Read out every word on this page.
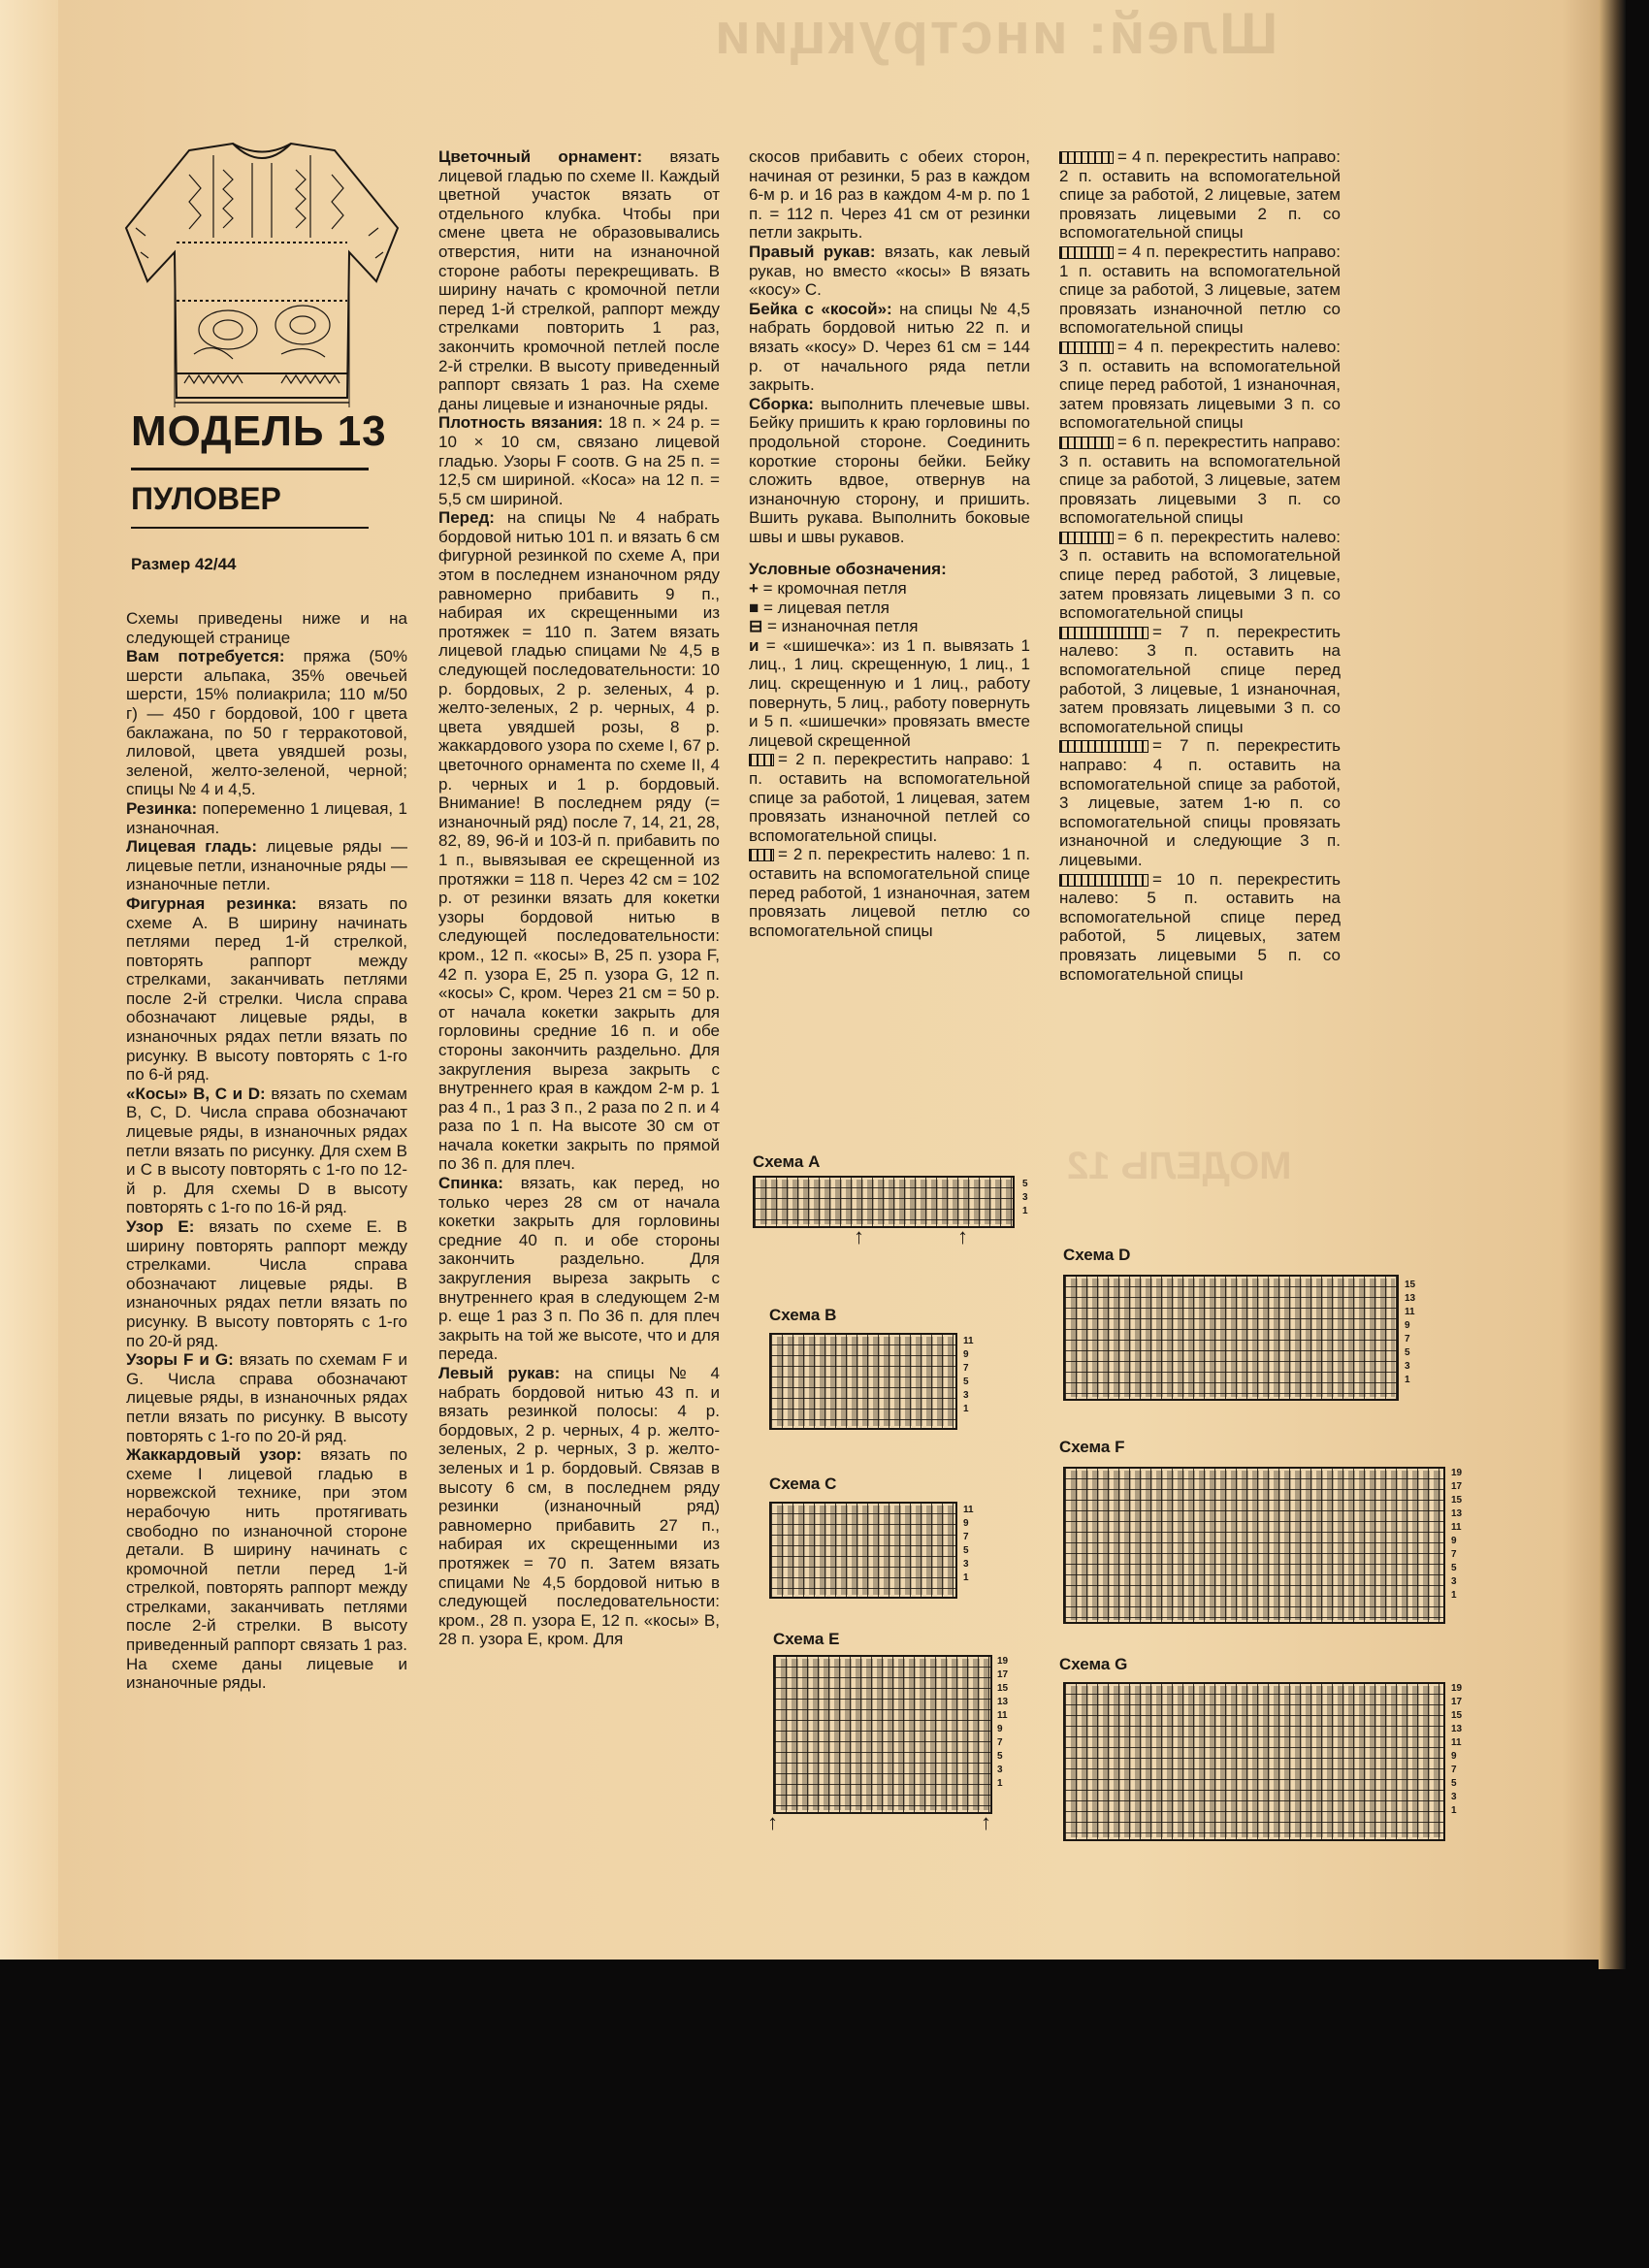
Шлей: инструкции
МОДЕЛЬ 12
МОДЕЛЬ 13
ПУЛОВЕР
Размер 42/44

Схемы приведены ниже и на следующей странице

Вам потребуется: пряжа (50% шерсти альпака, 35% овечьей шерсти, 15% полиакрила; 110 м/50 г) — 450 г бордовой, 100 г цвета баклажана, по 50 г терракотовой, лиловой, цвета увядшей розы, зеленой, желто-зеленой, черной; спицы № 4 и 4,5.

Резинка: попеременно 1 лицевая, 1 изнаночная.

Лицевая гладь: лицевые ряды — лицевые петли, изнаночные ряды — изнаночные петли.

Фигурная резинка: вязать по схеме А. В ширину начинать петлями перед 1-й стрелкой, повторять раппорт между стрелками, заканчивать петлями после 2-й стрелки. Числа справа обозначают лицевые ряды, в изнаночных рядах петли вязать по рисунку. В высоту повторять с 1-го по 6-й ряд.

«Косы» В, С и D: вязать по схемам В, С, D. Числа справа обозначают лицевые ряды, в изнаночных рядах петли вязать по рисунку. Для схем В и С в высоту повторять с 1-го по 12-й р. Для схемы D в высоту повторять с 1-го по 16-й ряд.

Узор Е: вязать по схеме Е. В ширину повторять раппорт между стрелками. Числа справа обозначают лицевые ряды. В изнаночных рядах петли вязать по рисунку. В высоту повторять с 1-го по 20-й ряд.

Узоры F и G: вязать по схемам F и G. Числа справа обозначают лицевые ряды, в изнаночных рядах петли вязать по рисунку. В высоту повторять с 1-го по 20-й ряд.

Жаккардовый узор: вязать по схеме I лицевой гладью в норвежской технике, при этом нерабочую нить протягивать свободно по изнаночной стороне детали. В ширину начинать с кромочной петли перед 1-й стрелкой, повторять раппорт между стрелками, заканчивать петлями после 2-й стрелки. В высоту приведенный раппорт связать 1 раз. На схеме даны лицевые и изнаночные ряды.

Цветочный орнамент: вязать лицевой гладью по схеме II. Каждый цветной участок вязать от отдельного клубка. Чтобы при смене цвета не образовывались отверстия, нити на изнаночной стороне работы перекрещивать. В ширину начать с кромочной петли перед 1-й стрелкой, раппорт между стрелками повторить 1 раз, закончить кромочной петлей после 2-й стрелки. В высоту приведенный раппорт связать 1 раз. На схеме даны лицевые и изнаночные ряды.

Плотность вязания: 18 п. × 24 р. = 10 × 10 см, связано лицевой гладью. Узоры F соотв. G на 25 п. = 12,5 см шириной. «Коса» на 12 п. = 5,5 см шириной.

Перед: на спицы № 4 набрать бордовой нитью 101 п. и вязать 6 см фигурной резинкой по схеме А, при этом в последнем изнаночном ряду равномерно прибавить 9 п., набирая их скрещенными из протяжек = 110 п. Затем вязать лицевой гладью спицами № 4,5 в следующей последовательности: 10 р. бордовых, 2 р. зеленых, 4 р. желто-зеленых, 2 р. черных, 4 р. цвета увядшей розы, 8 р. жаккардового узора по схеме I, 67 р. цветочного орнамента по схеме II, 4 р. черных и 1 р. бордовый. Внимание! В последнем ряду (= изнаночный ряд) после 7, 14, 21, 28, 82, 89, 96-й и 103-й п. прибавить по 1 п., вывязывая ее скрещенной из протяжки = 118 п. Через 42 см = 102 р. от резинки вязать для кокетки узоры бордовой нитью в следующей последовательности: кром., 12 п. «косы» В, 25 п. узора F, 42 п. узора Е, 25 п. узора G, 12 п. «косы» С, кром. Через 21 см = 50 р. от начала кокетки закрыть для горловины средние 16 п. и обе стороны закончить раздельно. Для закругления выреза закрыть с внутреннего края в каждом 2-м р. 1 раз 4 п., 1 раз 3 п., 2 раза по 2 п. и 4 раза по 1 п. На высоте 30 см от начала кокетки закрыть по прямой по 36 п. для плеч.

Спинка: вязать, как перед, но только через 28 см от начала кокетки закрыть для горловины средние 40 п. и обе стороны закончить раздельно. Для закругления выреза закрыть с внутреннего края в следующем 2-м р. еще 1 раз 3 п. По 36 п. для плеч закрыть на той же высоте, что и для переда.

Левый рукав: на спицы № 4 набрать бордовой нитью 43 п. и вязать резинкой полосы: 4 р. бордовых, 2 р. черных, 4 р. желто-зеленых, 2 р. черных, 3 р. желто-зеленых и 1 р. бордовый. Связав в высоту 6 см, в последнем ряду резинки (изнаночный ряд) равномерно прибавить 27 п., набирая их скрещенными из протяжек = 70 п. Затем вязать спицами № 4,5 бордовой нитью в следующей последовательности: кром., 28 п. узора Е, 12 п. «косы» В, 28 п. узора Е, кром. Для

скосов прибавить с обеих сторон, начиная от резинки, 5 раз в каждом 6-м р. и 16 раз в каждом 4-м р. по 1 п. = 112 п. Через 41 см от резинки петли закрыть.

Правый рукав: вязать, как левый рукав, но вместо «косы» В вязать «косу» С.

Бейка с «косой»: на спицы № 4,5 набрать бордовой нитью 22 п. и вязать «косу» D. Через 61 см = 144 р. от начального ряда петли закрыть.

Сборка: выполнить плечевые швы. Бейку пришить к краю горловины по продольной стороне. Соединить короткие стороны бейки. Бейку сложить вдвое, отвернув на изнаночную сторону, и пришить. Вшить рукава. Выполнить боковые швы и швы рукавов.

Условные обозначения:

+ = кромочная петля

■ = лицевая петля

⊟ = изнаночная петля

ᴎ = «шишечка»: из 1 п. вывязать 1 лиц., 1 лиц. скрещенную, 1 лиц., 1 лиц. скрещенную и 1 лиц., работу повернуть, 5 лиц., работу повернуть и 5 п. «шишечки» провязать вместе лицевой скрещенной

= 2 п. перекрестить направо: 1 п. оставить на вспомогательной спице за работой, 1 лицевая, затем провязать изнаночной петлей со вспомогательной спицы.

= 2 п. перекрестить налево: 1 п. оставить на вспомогательной спице перед работой, 1 изнаночная, затем провязать лицевой петлю со вспомогательной спицы

= 4 п. перекрестить направо: 2 п. оставить на вспомогательной спице за работой, 2 лицевые, затем провязать лицевыми 2 п. со вспомогательной спицы

= 4 п. перекрестить направо: 1 п. оставить на вспомогательной спице за работой, 3 лицевые, затем провязать изнаночной петлю со вспомогательной спицы

= 4 п. перекрестить налево: 3 п. оставить на вспомогательной спице перед работой, 1 изнаночная, затем провязать лицевыми 3 п. со вспомогательной спицы

= 6 п. перекрестить направо: 3 п. оставить на вспомогательной спице за работой, 3 лицевые, затем провязать лицевыми 3 п. со вспомогательной спицы

= 6 п. перекрестить налево: 3 п. оставить на вспомогательной спице перед работой, 3 лицевые, затем провязать лицевыми 3 п. со вспомогательной спицы

= 7 п. перекрестить налево: 3 п. оставить на вспомогательной спице перед работой, 3 лицевые, 1 изнаночная, затем провязать лицевыми 3 п. со вспомогательной спицы

= 7 п. перекрестить направо: 4 п. оставить на вспомогательной спице за работой, 3 лицевые, затем 1-ю п. со вспомогательной спицы провязать изнаночной и следующие 3 п. лицевыми.

= 10 п. перекрестить налево: 5 п. оставить на вспомогательной спице перед работой, 5 лицевых, затем провязать лицевыми 5 п. со вспомогательной спицы

Схема А
5
3
1
↑	↑
Схема В
11
9
7
5
3
1
Схема С
11
9
7
5
3
1
Схема Е
19
17
15
13
11
9
7
5
3
1
↑	↑
Схема D
15
13
11
9
7
5
3
1
Схема F
19
17
15
13
11
9
7
5
3
1
Схема G
19
17
15
13
11
9
7
5
3
1
